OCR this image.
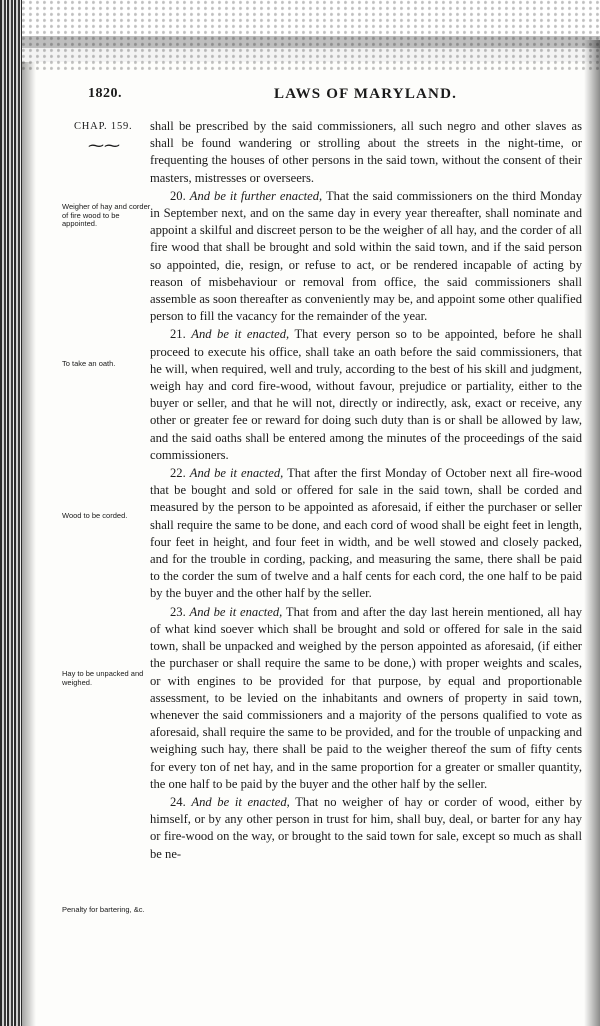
1820.	LAWS OF MARYLAND.
CHAP. 159.
⁓⁓
Weigher of hay and corder of fire wood to be appointed.
To take an oath.
Wood to be corded.
Hay to be unpacked and weighed.
Penalty for bartering, &c.

shall be prescribed by the said commissioners, all such negro and other slaves as shall be found wandering or strolling about the streets in the night-time, or frequenting the houses of other persons in the said town, without the consent of their masters, mistresses or overseers.

20. And be it further enacted, That the said commissioners on the third Monday in September next, and on the same day in every year thereafter, shall nominate and appoint a skilful and discreet person to be the weigher of all hay, and the corder of all fire wood that shall be brought and sold within the said town, and if the said person so appointed, die, resign, or refuse to act, or be rendered incapable of acting by reason of misbehaviour or removal from office, the said commissioners shall assemble as soon thereafter as conveniently may be, and appoint some other qualified person to fill the vacancy for the remainder of the year.

21. And be it enacted, That every person so to be appointed, before he shall proceed to execute his office, shall take an oath before the said commissioners, that he will, when required, well and truly, according to the best of his skill and judgment, weigh hay and cord fire-wood, without favour, prejudice or partiality, either to the buyer or seller, and that he will not, directly or indirectly, ask, exact or receive, any other or greater fee or reward for doing such duty than is or shall be allowed by law, and the said oaths shall be entered among the minutes of the proceedings of the said commissioners.

22. And be it enacted, That after the first Monday of October next all fire-wood that be bought and sold or offered for sale in the said town, shall be corded and measured by the person to be appointed as aforesaid, if either the purchaser or seller shall require the same to be done, and each cord of wood shall be eight feet in length, four feet in height, and four feet in width, and be well stowed and closely packed, and for the trouble in cording, packing, and measuring the same, there shall be paid to the corder the sum of twelve and a half cents for each cord, the one half to be paid by the buyer and the other half by the seller.

23. And be it enacted, That from and after the day last herein mentioned, all hay of what kind soever which shall be brought and sold or offered for sale in the said town, shall be unpacked and weighed by the person appointed as aforesaid, (if either the purchaser or shall require the same to be done,) with proper weights and scales, or with engines to be provided for that purpose, by equal and proportionable assessment, to be levied on the inhabitants and owners of property in said town, whenever the said commissioners and a majority of the persons qualified to vote as aforesaid, shall require the same to be provided, and for the trouble of unpacking and weighing such hay, there shall be paid to the weigher thereof the sum of fifty cents for every ton of net hay, and in the same proportion for a greater or smaller quantity, the one half to be paid by the buyer and the other half by the seller.

24. And be it enacted, That no weigher of hay or corder of wood, either by himself, or by any other person in trust for him, shall buy, deal, or barter for any hay or fire-wood on the way, or brought to the said town for sale, except so much as shall be ne-
